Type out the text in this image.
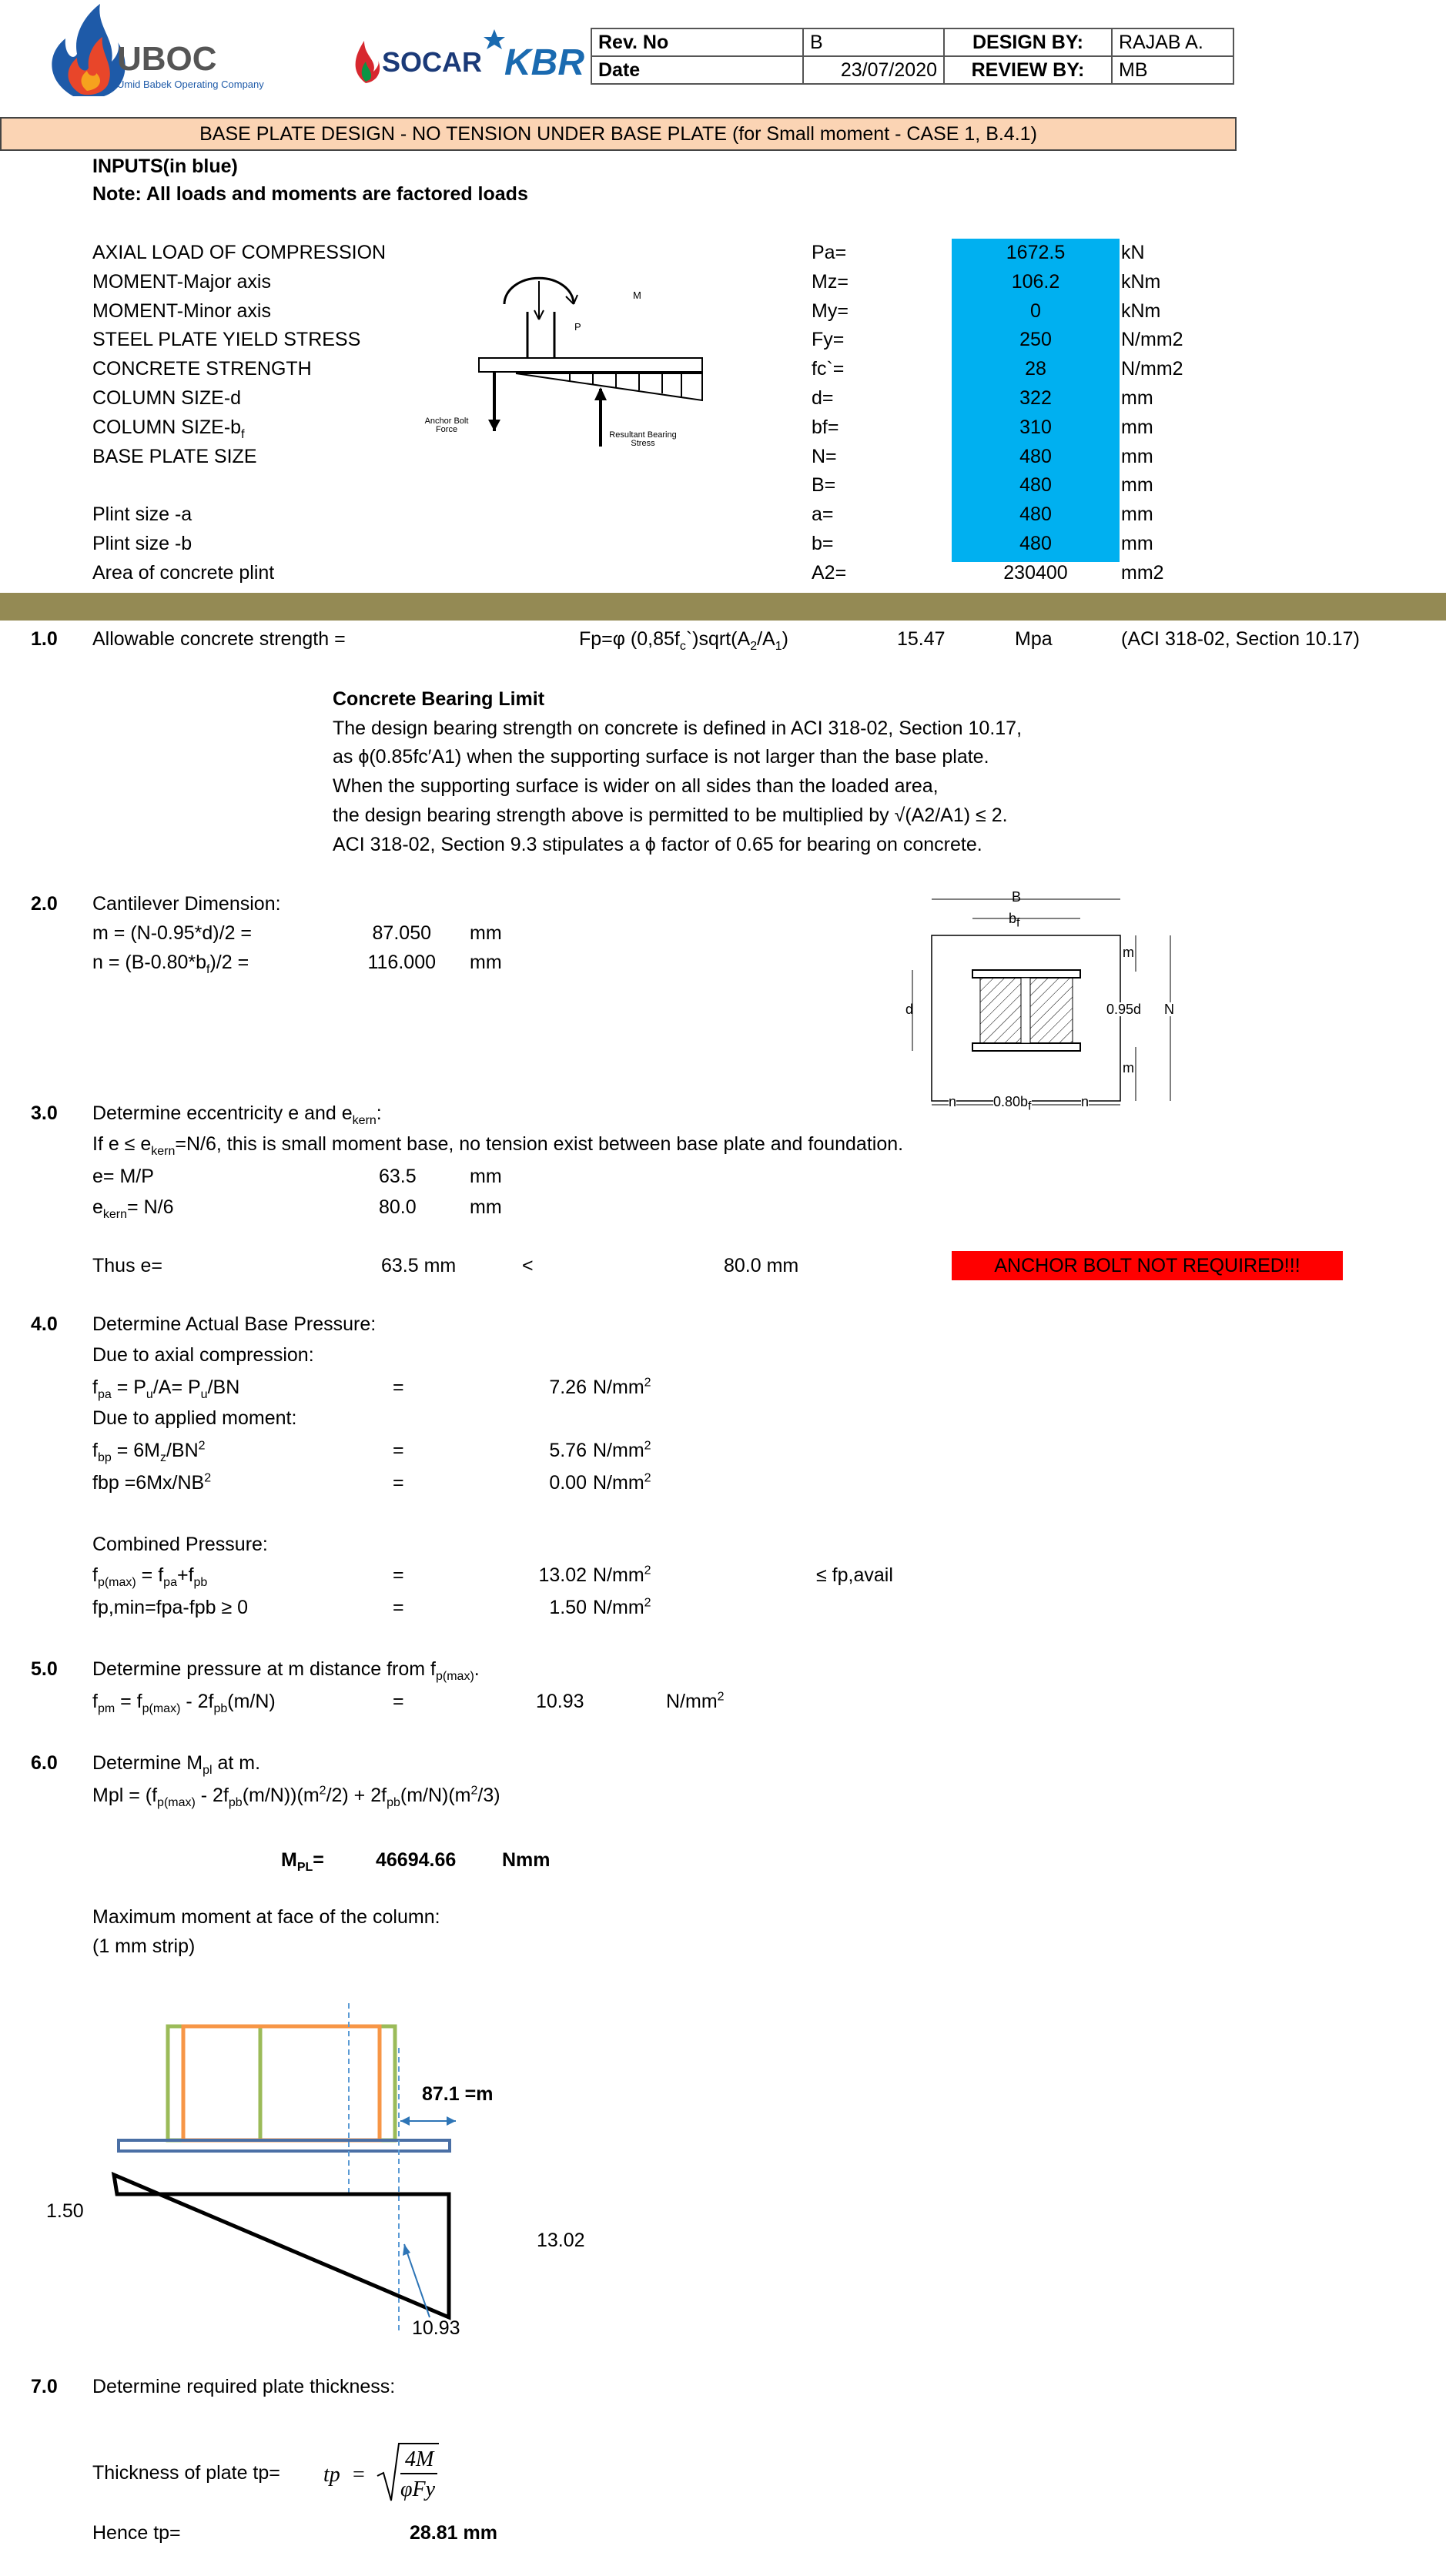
UBOC
Umid Babek Operating Company
SOCAR KBR
Rev. No	B	DESIGN BY:	RAJAB A.
Date	23/07/2020	REVIEW BY:	MB
BASE PLATE DESIGN - NO TENSION UNDER BASE PLATE (for Small moment - CASE 1, B.4.1)
INPUTS(in blue)
Note: All loads and moments are factored loads
AXIAL LOAD OF COMPRESSION	Pa=	1672.5	kN
MOMENT-Major axis	Mz=	106.2	kNm
MOMENT-Minor axis	My=	0	kNm
STEEL PLATE YIELD STRESS	Fy=	250	N/mm2
CONCRETE STRENGTH	fc`=	28	N/mm2
COLUMN SIZE-d	d=	322	mm
COLUMN SIZE-$b_f$	bf=	310	mm
BASE PLATE SIZE	N=	480	mm
B=	480	mm
Plint size -a	a=	480	mm
Plint size -b	b=	480	mm
Area of concrete plint	A2=	230400	mm2
M
P
Anchor Bolt Force
Resultant Bearing Stress
1.0 Allowable concrete strength =	Fp=φ $(0,85f_c`)sqrt(A_2/A_1)$	15.47	Mpa	(ACI 318-02, Section 10.17)
Concrete Bearing Limit
The design bearing strength on concrete is defined in ACI 318-02, Section 10.17,
as ϕ(0.85fc′A1) when the supporting surface is not larger than the base plate.
When the supporting surface is wider on all sides than the loaded area,
the design bearing strength above is permitted to be multiplied by √(A2/A1) ≤ 2.
ACI 318-02, Section 9.3 stipulates a ϕ factor of 0.65 for bearing on concrete.
2.0 Cantilever Dimension:
m = (N-0.95*d)/2 =	87.050 mm
$n = (B-0.80*b_f)/2$ =	116.000 mm
B
bf
m
d	0.95d N
m
n	0.80bf	n
3.0 Determine eccentricity e and $e_{kern}$:
If $e \le e_{kern}=N/6$, this is small moment base, no tension exist between base plate and foundation.
e= M/P	63.5	mm
$e_{kern}= N/6$	80.0	mm
Thus e=	63.5 mm	<	80.0 mm	ANCHOR BOLT NOT REQUIRED!!!
4.0 Determine Actual Base Pressure:
Due to axial compression:
$f_{pa} = P_u/A= P_u/BN$	=	7.26 $N/mm^2$
Due to applied moment:
$f_{bp} = 6M_z/BN^2$	=	5.76 $N/mm^2$
fbp $=6Mx/NB^2$	=	0.00 $N/mm^2$
Combined Pressure:
$f_{p(max)} = f_{pa}+f_{pb}$	=	13.02 $N/mm^2$	≤ fp,avail
fp,min=fpa-fpb ≥ 0	=	1.50 $N/mm^2$
5.0 Determine pressure at m distance from $f_{p(max)}$.
$f_{pm} = f_{p(max)} - 2f_{pb}(m/N)$	=	10.93	$N/mm^2$
6.0 Determine $M_{pl}$ at m.
Mpl = $(f_{p(max)} - 2f_{pb}(m/N))(m^2/2) + 2f_{pb}(m/N)(m^2/3)$
$M_{PL}=$	46694.66 Nmm
Maximum moment at face of the column:
(1 mm strip)
87.1 =m
1.50
13.02
10.93
7.0 Determine required plate thickness:
Thickness of plate tp= tp =
4M
φFy
Hence tp=	28.81 mm
